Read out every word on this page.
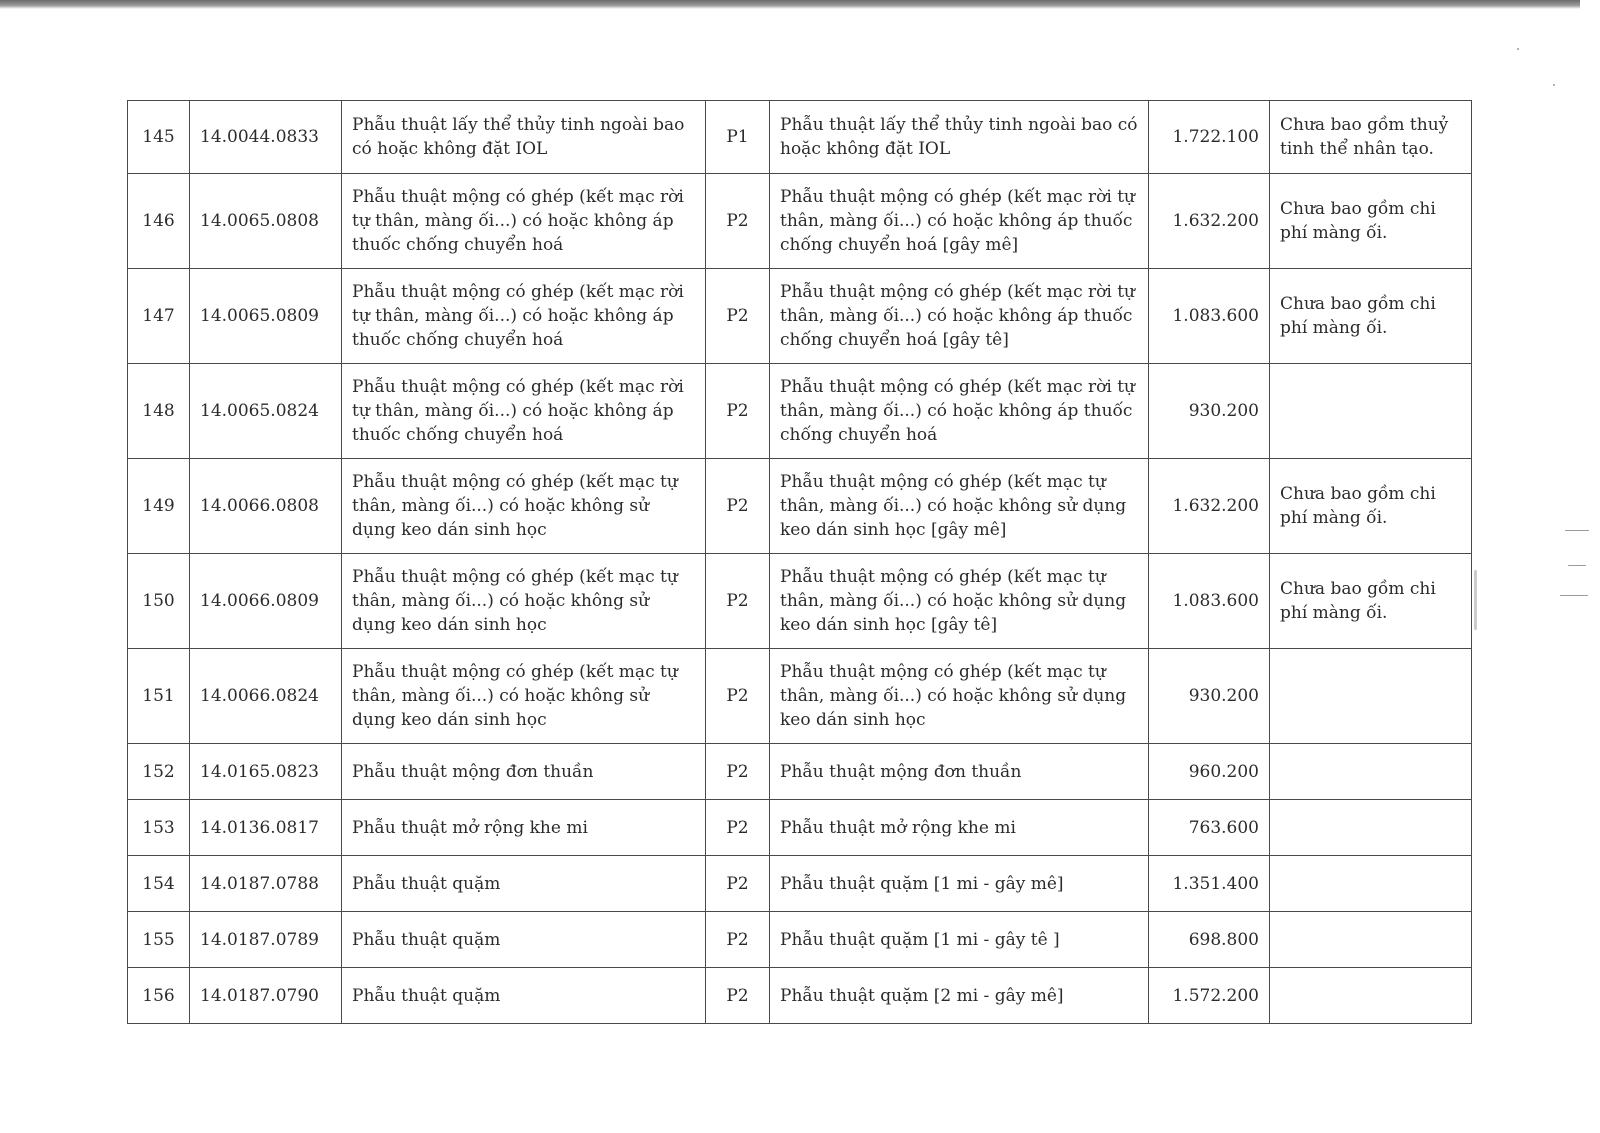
145	14.0044.0833	Phẫu thuật lấy thể thủy tinh ngoài bao có hoặc không đặt IOL	P1	Phẫu thuật lấy thể thủy tinh ngoài bao có hoặc không đặt IOL	1.722.100	Chưa bao gồm thuỷ tinh thể nhân tạo.
146	14.0065.0808	Phẫu thuật mộng có ghép (kết mạc rời tự thân, màng ối...) có hoặc không áp thuốc chống chuyển hoá	P2	Phẫu thuật mộng có ghép (kết mạc rời tự thân, màng ối...) có hoặc không áp thuốc chống chuyển hoá [gây mê]	1.632.200	Chưa bao gồm chi phí màng ối.
147	14.0065.0809	Phẫu thuật mộng có ghép (kết mạc rời tự thân, màng ối...) có hoặc không áp thuốc chống chuyển hoá	P2	Phẫu thuật mộng có ghép (kết mạc rời tự thân, màng ối...) có hoặc không áp thuốc chống chuyển hoá [gây tê]	1.083.600	Chưa bao gồm chi phí màng ối.
148	14.0065.0824	Phẫu thuật mộng có ghép (kết mạc rời tự thân, màng ối...) có hoặc không áp thuốc chống chuyển hoá	P2	Phẫu thuật mộng có ghép (kết mạc rời tự thân, màng ối...) có hoặc không áp thuốc chống chuyển hoá	930.200	
149	14.0066.0808	Phẫu thuật mộng có ghép (kết mạc tự thân, màng ối...) có hoặc không sử dụng keo dán sinh học	P2	Phẫu thuật mộng có ghép (kết mạc tự thân, màng ối...) có hoặc không sử dụng keo dán sinh học [gây mê]	1.632.200	Chưa bao gồm chi phí màng ối.
150	14.0066.0809	Phẫu thuật mộng có ghép (kết mạc tự thân, màng ối...) có hoặc không sử dụng keo dán sinh học	P2	Phẫu thuật mộng có ghép (kết mạc tự thân, màng ối...) có hoặc không sử dụng keo dán sinh học [gây tê]	1.083.600	Chưa bao gồm chi phí màng ối.
151	14.0066.0824	Phẫu thuật mộng có ghép (kết mạc tự thân, màng ối...) có hoặc không sử dụng keo dán sinh học	P2	Phẫu thuật mộng có ghép (kết mạc tự thân, màng ối...) có hoặc không sử dụng keo dán sinh học	930.200	
152	14.0165.0823	Phẫu thuật mộng đơn thuần	P2	Phẫu thuật mộng đơn thuần	960.200	
153	14.0136.0817	Phẫu thuật mở rộng khe mi	P2	Phẫu thuật mở rộng khe mi	763.600	
154	14.0187.0788	Phẫu thuật quặm	P2	Phẫu thuật quặm [1 mi - gây mê]	1.351.400	
155	14.0187.0789	Phẫu thuật quặm	P2	Phẫu thuật quặm [1 mi - gây tê ]	698.800	
156	14.0187.0790	Phẫu thuật quặm	P2	Phẫu thuật quặm [2 mi - gây mê]	1.572.200	
